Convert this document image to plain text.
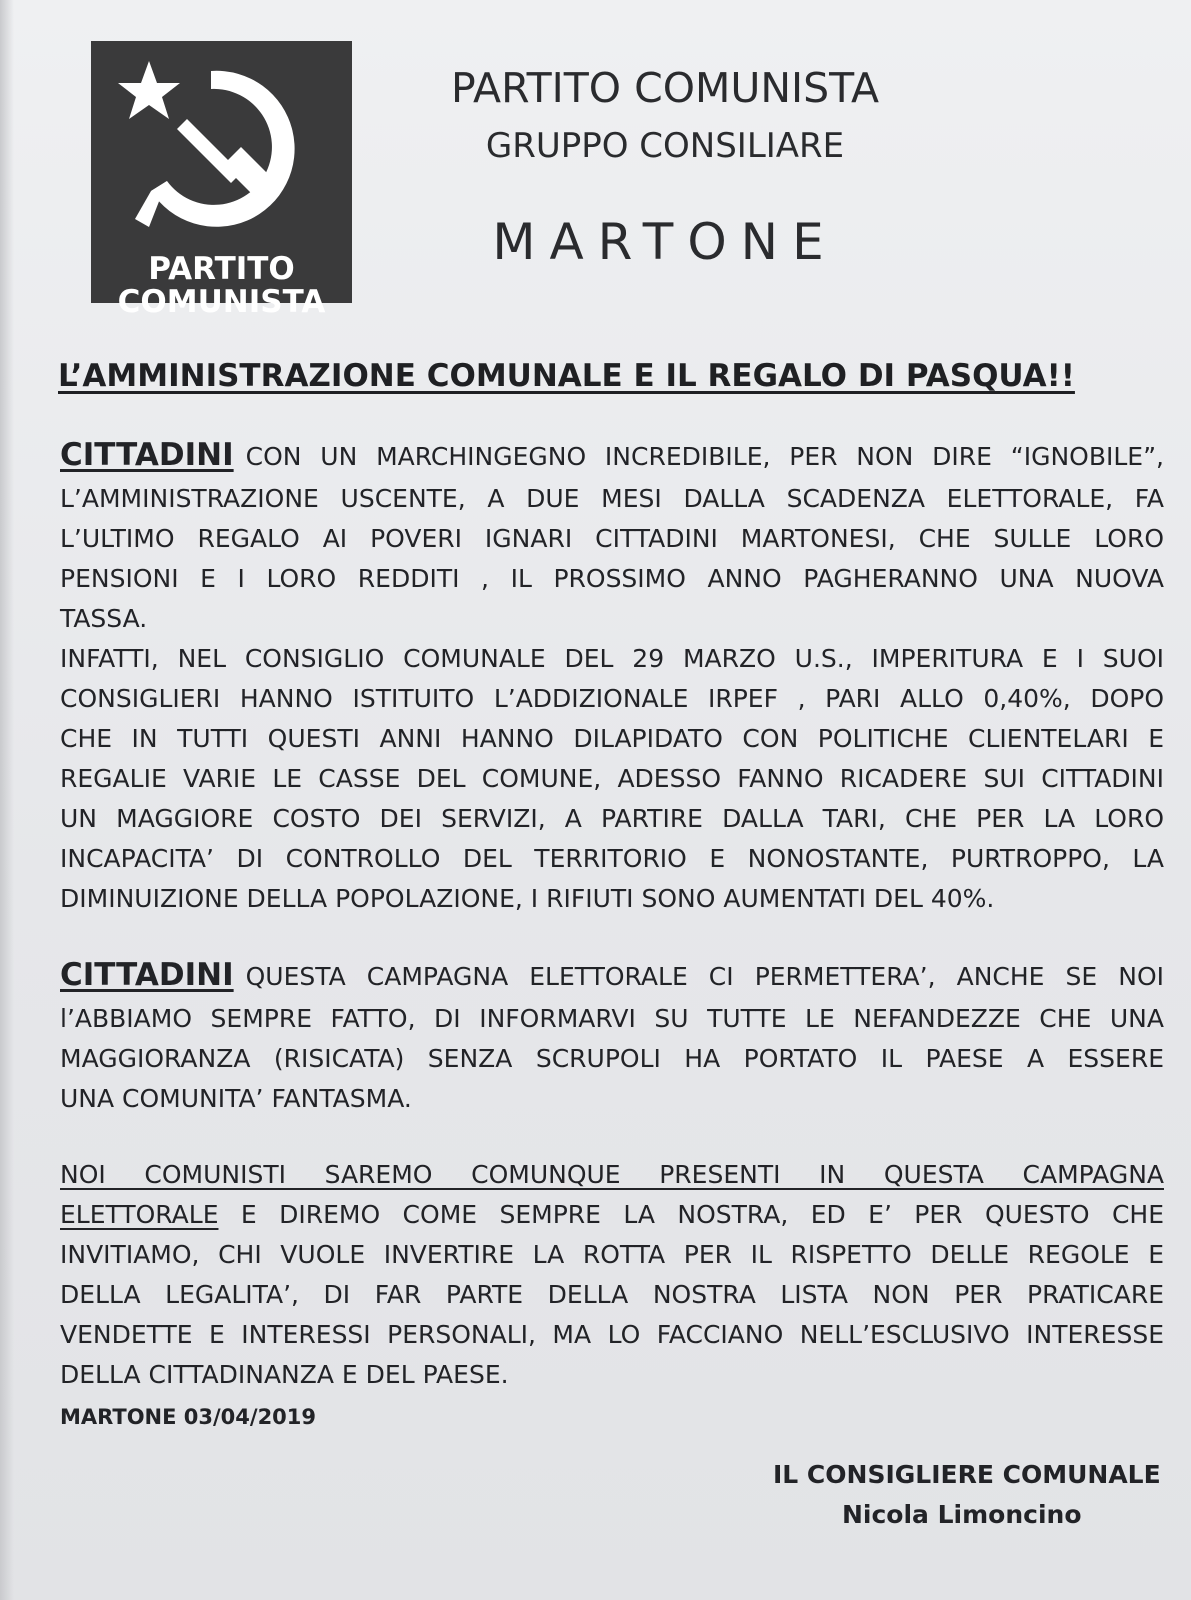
PARTITO
COMUNISTA
PARTITO COMUNISTA
GRUPPO CONSILIARE
MARTONE
L’AMMINISTRAZIONE COMUNALE E IL REGALO DI PASQUA!!
CITTADINI CON UN MARCHINGEGNO INCREDIBILE, PER NON DIRE “IGNOBILE”,
L’AMMINISTRAZIONE USCENTE, A DUE MESI DALLA SCADENZA ELETTORALE, FA
L’ULTIMO REGALO AI POVERI IGNARI CITTADINI MARTONESI, CHE SULLE LORO
PENSIONI E I LORO REDDITI , IL PROSSIMO ANNO PAGHERANNO UNA NUOVA
TASSA.
INFATTI, NEL CONSIGLIO COMUNALE DEL 29 MARZO U.S., IMPERITURA E I SUOI
CONSIGLIERI HANNO ISTITUITO L’ADDIZIONALE IRPEF , PARI ALLO 0,40%, DOPO
CHE IN TUTTI QUESTI ANNI HANNO DILAPIDATO CON POLITICHE CLIENTELARI E
REGALIE VARIE LE CASSE DEL COMUNE, ADESSO FANNO RICADERE SUI CITTADINI
UN MAGGIORE COSTO DEI SERVIZI, A PARTIRE DALLA TARI, CHE PER LA LORO
INCAPACITA’ DI CONTROLLO DEL TERRITORIO E NONOSTANTE, PURTROPPO, LA
DIMINUIZIONE DELLA POPOLAZIONE, I RIFIUTI SONO AUMENTATI DEL 40%.
CITTADINI QUESTA CAMPAGNA ELETTORALE CI PERMETTERA’, ANCHE SE NOI
l’ABBIAMO SEMPRE FATTO, DI INFORMARVI SU TUTTE LE NEFANDEZZE CHE UNA
MAGGIORANZA (RISICATA) SENZA SCRUPOLI HA PORTATO IL PAESE A ESSERE
UNA COMUNITA’ FANTASMA.
NOI COMUNISTI SAREMO COMUNQUE PRESENTI IN QUESTA CAMPAGNA
ELETTORALE E DIREMO COME SEMPRE LA NOSTRA, ED E’ PER QUESTO CHE
INVITIAMO, CHI VUOLE INVERTIRE LA ROTTA PER IL RISPETTO DELLE REGOLE E
DELLA LEGALITA’, DI FAR PARTE DELLA NOSTRA LISTA NON PER PRATICARE
VENDETTE E INTERESSI PERSONALI, MA LO FACCIANO NELL’ESCLUSIVO INTERESSE
DELLA CITTADINANZA E DEL PAESE.
MARTONE 03/04/2019
IL CONSIGLIERE COMUNALE
Nicola Limoncino
